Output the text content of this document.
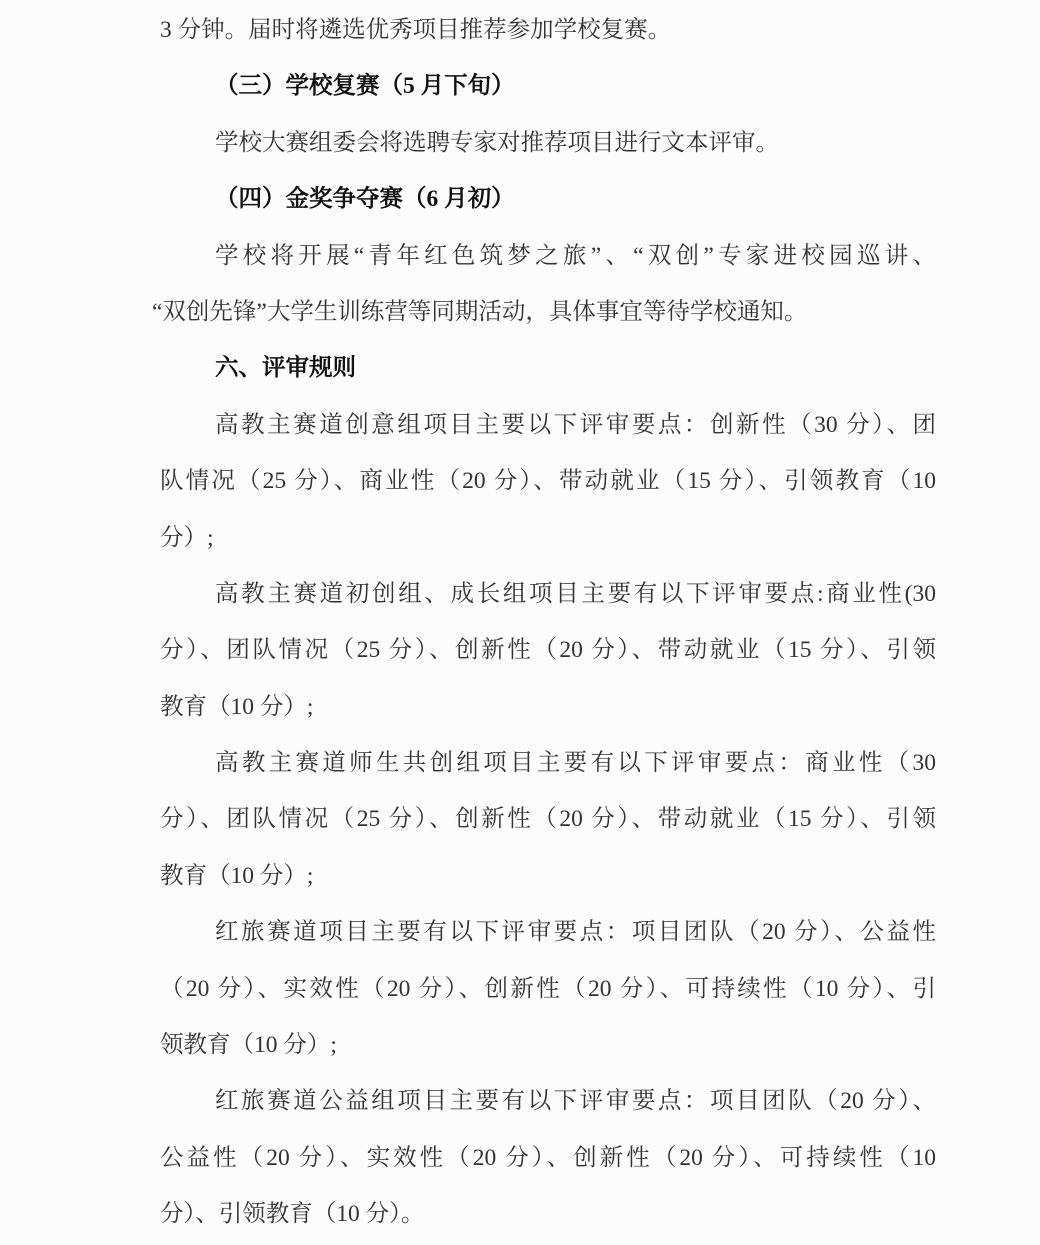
3 分钟。届时将遴选优秀项目推荐参加学校复赛。
（三）学校复赛（5 月下旬）
学校大赛组委会将选聘专家对推荐项目进行文本评审。
（四）金奖争夺赛（6 月初）
学校将开展“青年红色筑梦之旅”、“双创”专家进校园巡讲、
“双创先锋”大学生训练营等同期活动，具体事宜等待学校通知。
六、评审规则
高教主赛道创意组项目主要以下评审要点：创新性（30 分）、团
队情况（25 分）、商业性（20 分）、带动就业（15 分）、引领教育（10
分）;
高教主赛道初创组、成长组项目主要有以下评审要点:商业性(30
分）、团队情况（25 分）、创新性（20 分）、带动就业（15 分）、引领
教育（10 分）;
高教主赛道师生共创组项目主要有以下评审要点：商业性（30
分）、团队情况（25 分）、创新性（20 分）、带动就业（15 分）、引领
教育（10 分）;
红旅赛道项目主要有以下评审要点：项目团队（20 分）、公益性
（20 分）、实效性（20 分）、创新性（20 分）、可持续性（10 分）、引
领教育（10 分）;
红旅赛道公益组项目主要有以下评审要点：项目团队（20 分）、
公益性（20 分）、实效性（20 分）、创新性（20 分）、可持续性（10
分）、引领教育（10 分）。
